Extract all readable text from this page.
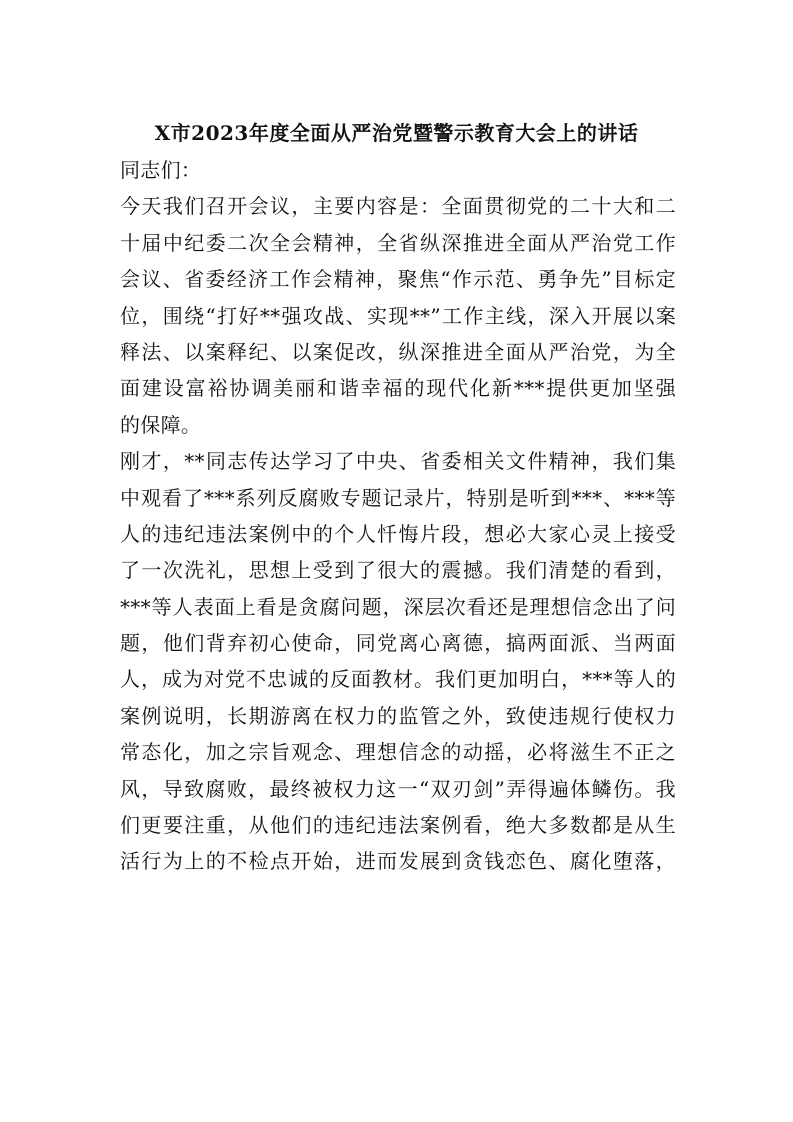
X市2023年度全面从严治党暨警示教育大会上的讲话
同志们：
今天我们召开会议，主要内容是：全面贯彻党的二十大和二
十届中纪委二次全会精神，全省纵深推进全面从严治党工作
会议、省委经济工作会精神，聚焦“作示范、勇争先”目标定
位，围绕“打好**强攻战、实现**”工作主线，深入开展以案
释法、以案释纪、以案促改，纵深推进全面从严治党，为全
面建设富裕协调美丽和谐幸福的现代化新***提供更加坚强
的保障。
刚才，**同志传达学习了中央、省委相关文件精神，我们集
中观看了***系列反腐败专题记录片，特别是听到***、***等
人的违纪违法案例中的个人忏悔片段，想必大家心灵上接受
了一次洗礼，思想上受到了很大的震撼。我们清楚的看到，
***等人表面上看是贪腐问题，深层次看还是理想信念出了问
题，他们背弃初心使命，同党离心离德，搞两面派、当两面
人，成为对党不忠诚的反面教材。我们更加明白，***等人的
案例说明，长期游离在权力的监管之外，致使违规行使权力
常态化，加之宗旨观念、理想信念的动摇，必将滋生不正之
风，导致腐败，最终被权力这一“双刃剑”弄得遍体鳞伤。我
们更要注重，从他们的违纪违法案例看，绝大多数都是从生
活行为上的不检点开始，进而发展到贪钱恋色、腐化堕落，
